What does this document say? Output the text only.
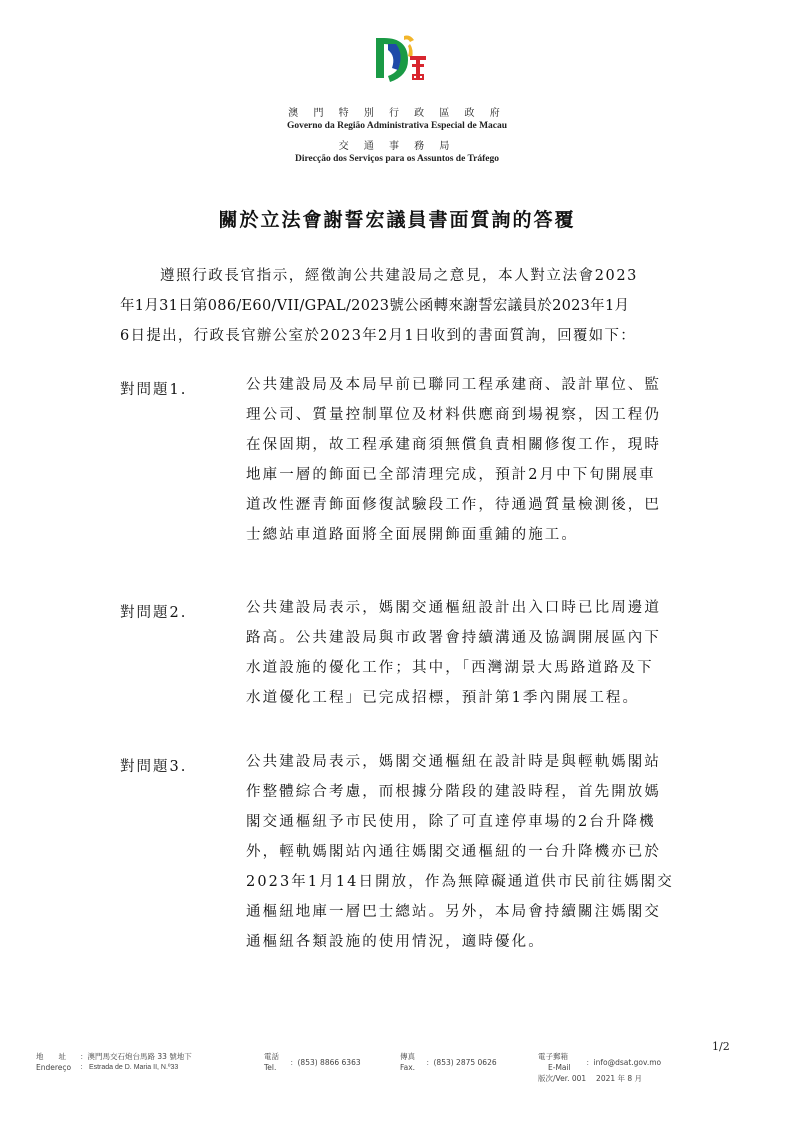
澳 門 特 別 行 政 區 政 府
Governo da Região Administrativa Especial de Macau
交 通 事 務 局
Direcção dos Serviços para os Assuntos de Tráfego
關於立法會謝誓宏議員書面質詢的答覆
遵照行政長官指示，經徵詢公共建設局之意見，本人對立法會2023
年1月31日第086/E60/VII/GPAL/2023號公函轉來謝誓宏議員於2023年1月
6日提出，行政長官辦公室於2023年2月1日收到的書面質詢，回覆如下：
對問題1.	公共建設局及本局早前已聯同工程承建商、設計單位、監
理公司、質量控制單位及材料供應商到場視察，因工程仍
在保固期，故工程承建商須無償負責相關修復工作，現時
地庫一層的飾面已全部清理完成，預計2月中下旬開展車
道改性瀝青飾面修復試驗段工作，待通過質量檢測後，巴
士總站車道路面將全面展開飾面重鋪的施工。
對問題2.	公共建設局表示，媽閣交通樞紐設計出入口時已比周邊道
路高。公共建設局與市政署會持續溝通及協調開展區內下
水道設施的優化工作；其中，「西灣湖景大馬路道路及下
水道優化工程」已完成招標，預計第1季內開展工程。
對問題3.	公共建設局表示，媽閣交通樞紐在設計時是與輕軌媽閣站
作整體綜合考慮，而根據分階段的建設時程，首先開放媽
閣交通樞紐予市民使用，除了可直達停車場的2台升降機
外，輕軌媽閣站內通往媽閣交通樞紐的一台升降機亦已於
2023年1月14日開放，作為無障礙通道供市民前往媽閣交
通樞紐地庫一層巴士總站。另外，本局會持續關注媽閣交
通樞紐各類設施的使用情況，適時優化。
1/2
地　　址
Endereço
：澳門馬交石炮台馬路 33 號地下
： Estrada de D. Maria II, N.º33
電話
Tel.
：(853) 8866 6363
傳真
Fax.
：(853) 2875 0626
電子郵箱
E-Mail
：info@dsat.gov.mo
版次/Ver. 001　 2021 年 8 月
